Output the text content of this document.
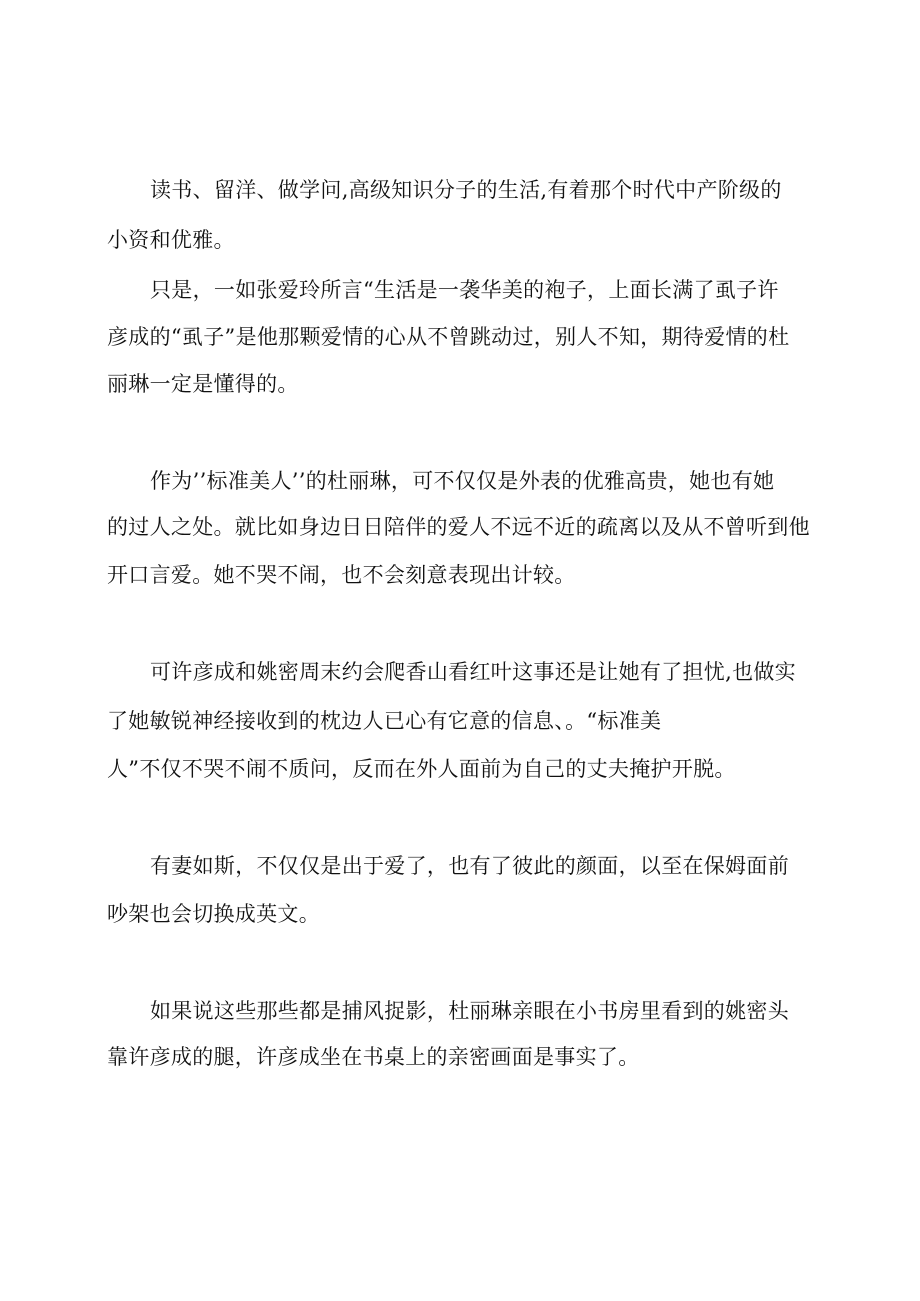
读书、留洋、做学问,高级知识分子的生活,有着那个时代中产阶级的

小资和优雅。

只是，一如张爱玲所言“生活是一袭华美的袍子，上面长满了虱子许

彦成的“虱子”是他那颗爱情的心从不曾跳动过，别人不知，期待爱情的杜

丽琳一定是懂得的。

作为’’标准美人’’的杜丽琳，可不仅仅是外表的优雅高贵，她也有她

的过人之处。就比如身边日日陪伴的爱人不远不近的疏离以及从不曾听到他

开口言爱。她不哭不闹，也不会刻意表现出计较。

可许彦成和姚密周末约会爬香山看红叶这事还是让她有了担忧,也做实

了她敏锐神经接收到的枕边人已心有它意的信息、。“标准美

人”不仅不哭不闹不质问，反而在外人面前为自己的丈夫掩护开脱。

有妻如斯，不仅仅是出于爱了，也有了彼此的颜面，以至在保姆面前

吵架也会切换成英文。

如果说这些那些都是捕风捉影，杜丽琳亲眼在小书房里看到的姚密头

靠许彦成的腿，许彦成坐在书桌上的亲密画面是事实了。
